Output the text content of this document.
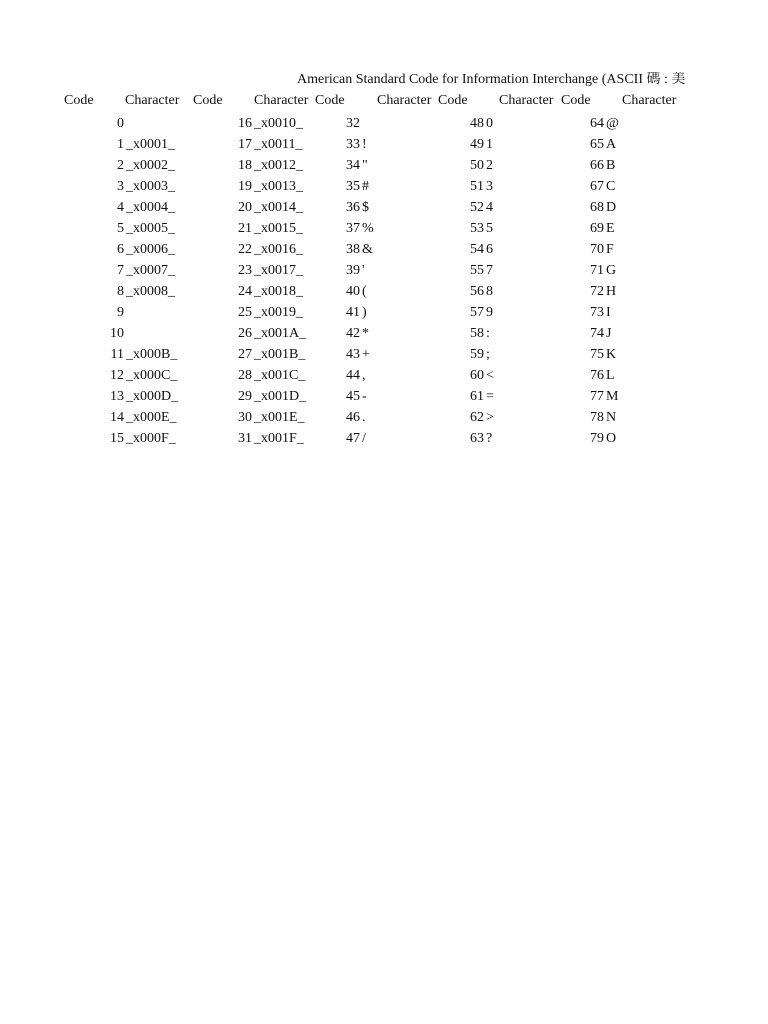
American Standard Code for Information Interchange (ASCII 碼 : 美
Code Character Code Character Code Character Code Character Code Character
0	16 _x0010_	32	48 0	64 @
1 _x0001_	17 _x0011_	33 !	49 1	65 A
2 _x0002_	18 _x0012_	34 "	50 2	66 B
3 _x0003_	19 _x0013_	35 #	51 3	67 C
4 _x0004_	20 _x0014_	36 $	52 4	68 D
5 _x0005_	21 _x0015_	37 %	53 5	69 E
6 _x0006_	22 _x0016_	38 &	54 6	70 F
7 _x0007_	23 _x0017_	39 '	55 7	71 G
8 _x0008_	24 _x0018_	40 (	56 8	72 H
9	25 _x0019_	41 )	57 9	73 I
10	26 _x001A_	42 *	58 :	74 J
11 _x000B_	27 _x001B_	43 +	59 ;	75 K
12 _x000C_	28 _x001C_	44 ,	60 <	76 L
13 _x000D_	29 _x001D_	45 -	61 =	77 M
14 _x000E_	30 _x001E_	46 .	62 >	78 N
15 _x000F_	31 _x001F_	47 /	63 ?	79 O
